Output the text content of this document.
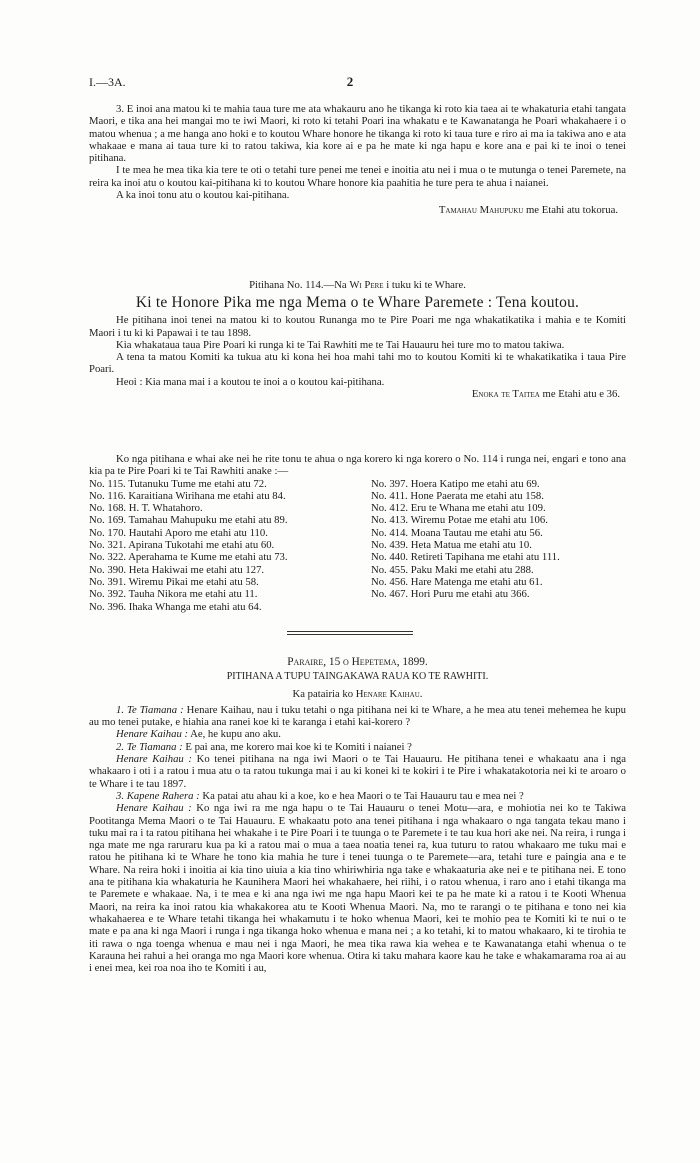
I.—3A.	2

3. E inoi ana matou ki te mahia taua ture me ata whakauru ano he tikanga ki roto kia taea ai te whakaturia etahi tangata Maori, e tika ana hei mangai mo te iwi Maori, ki roto ki tetahi Poari ina whakatu e te Kawanatanga he Poari whakahaere i o matou whenua ; a me hanga ano hoki e to koutou Whare honore he tikanga ki roto ki taua ture e riro ai ma ia takiwa ano e ata whakaae e mana ai taua ture ki to ratou takiwa, kia kore ai e pa he mate ki nga hapu e kore ana e pai ki te inoi o tenei pitihana.

I te mea he mea tika kia tere te oti o tetahi ture penei me tenei e inoitia atu nei i mua o te mutunga o tenei Paremete, na reira ka inoi atu o koutou kai-pitihana ki to koutou Whare honore kia paahitia he ture pera te ahua i naianei.

A ka inoi tonu atu o koutou kai-pitihana.

Tamahau Mahupuku me Etahi atu tokorua.

Pitihana No. 114.—Na Wi Pere i tuku ki te Whare.

Ki te Honore Pika me nga Mema o te Whare Paremete : Tena koutou.

He pitihana inoi tenei na matou ki to koutou Runanga mo te Pire Poari me nga whakatikatika i mahia e te Komiti Maori i tu ki ki Papawai i te tau 1898.

Kia whakataua taua Pire Poari ki runga ki te Tai Rawhiti me te Tai Hauauru hei ture mo to matou takiwa.

A tena ta matou Komiti ka tukua atu ki kona hei hoa mahi tahi mo to koutou Komiti ki te whakatikatika i taua Pire Poari.

Heoi : Kia mana mai i a koutou te inoi a o koutou kai-pitihana.

Enoka te Taitea me Etahi atu e 36.

Ko nga pitihana e whai ake nei he rite tonu te ahua o nga korero ki nga korero o No. 114 i runga nei, engari e tono ana kia pa te Pire Poari ki te Tai Rawhiti anake :—

No. 115. Tutanuku Tume me etahi atu 72.
No. 116. Karaitiana Wirihana me etahi atu 84.
No. 168. H. T. Whatahoro.
No. 169. Tamahau Mahupuku me etahi atu 89.
No. 170. Hautahi Aporo me etahi atu 110.
No. 321. Apirana Tukotahi me etahi atu 60.
No. 322. Aperahama te Kume me etahi atu 73.
No. 390. Heta Hakiwai me etahi atu 127.
No. 391. Wiremu Pikai me etahi atu 58.
No. 392. Tauha Nikora me etahi atu 11.
No. 396. Ihaka Whanga me etahi atu 64.
No. 397. Hoera Katipo me etahi atu 69.
No. 411. Hone Paerata me etahi atu 158.
No. 412. Eru te Whana me etahi atu 109.
No. 413. Wiremu Potae me etahi atu 106.
No. 414. Moana Tautau me etahi atu 56.
No. 439. Heta Matua me etahi atu 10.
No. 440. Retireti Tapihana me etahi atu 111.
No. 455. Paku Maki me etahi atu 288.
No. 456. Hare Matenga me etahi atu 61.
No. 467. Hori Puru me etahi atu 366.

Paraire, 15 o Hepetema, 1899.

PITIHANA A TUPU TAINGAKAWA RAUA KO TE RAWHITI.

Ka patairia ko Henare Kaihau.

1. Te Tiamana : Henare Kaihau, nau i tuku tetahi o nga pitihana nei ki te Whare, a he mea atu tenei mehemea he kupu au mo tenei putake, e hiahia ana ranei koe ki te karanga i etahi kai-korero ?

Henare Kaihau : Ae, he kupu ano aku.

2. Te Tiamana : E pai ana, me korero mai koe ki te Komiti i naianei ?

Henare Kaihau : Ko tenei pitihana na nga iwi Maori o te Tai Hauauru. He pitihana tenei e whakaatu ana i nga whakaaro i oti i a ratou i mua atu o ta ratou tukunga mai i au ki konei ki te kokiri i te Pire i whakatakotoria nei ki te aroaro o te Whare i te tau 1897.

3. Kapene Rahera : Ka patai atu ahau ki a koe, ko e hea Maori o te Tai Hauauru tau e mea nei ?

Henare Kaihau : Ko nga iwi ra me nga hapu o te Tai Hauauru o tenei Motu—ara, e mohiotia nei ko te Takiwa Pootitanga Mema Maori o te Tai Hauauru. E whakaatu poto ana tenei pitihana i nga whakaaro o nga tangata tekau mano i tuku mai ra i ta ratou pitihana hei whakahe i te Pire Poari i te tuunga o te Paremete i te tau kua hori ake nei. Na reira, i runga i nga mate me nga raruraru kua pa ki a ratou mai o mua a taea noatia tenei ra, kua tuturu to ratou whakaaro me tuku mai e ratou he pitihana ki te Whare he tono kia mahia he ture i tenei tuunga o te Paremete—ara, tetahi ture e paingia ana e te Whare. Na reira hoki i inoitia ai kia tino uiuia a kia tino whiriwhiria nga take e whakaaturia ake nei e te pitihana nei. E tono ana te pitihana kia whakaturia he Kaunihera Maori hei whakahaere, hei riihi, i o ratou whenua, i raro ano i etahi tikanga ma te Paremete e whakaae. Na, i te mea e ki ana nga iwi me nga hapu Maori kei te pa he mate ki a ratou i te Kooti Whenua Maori, na reira ka inoi ratou kia whakakorea atu te Kooti Whenua Maori. Na, mo te rarangi o te pitihana e tono nei kia whakahaerea e te Whare tetahi tikanga hei whakamutu i te hoko whenua Maori, kei te mohio pea te Komiti ki te nui o te mate e pa ana ki nga Maori i runga i nga tikanga hoko whenua e mana nei ; a ko tetahi, ki to matou whakaaro, ki te tirohia te iti rawa o nga toenga whenua e mau nei i nga Maori, he mea tika rawa kia wehea e te Kawanatanga etahi whenua o te Karauna hei rahui a hei oranga mo nga Maori kore whenua. Otira ki taku mahara kaore kau he take e whakamarama roa ai au i enei mea, kei roa noa iho te Komiti i au,
